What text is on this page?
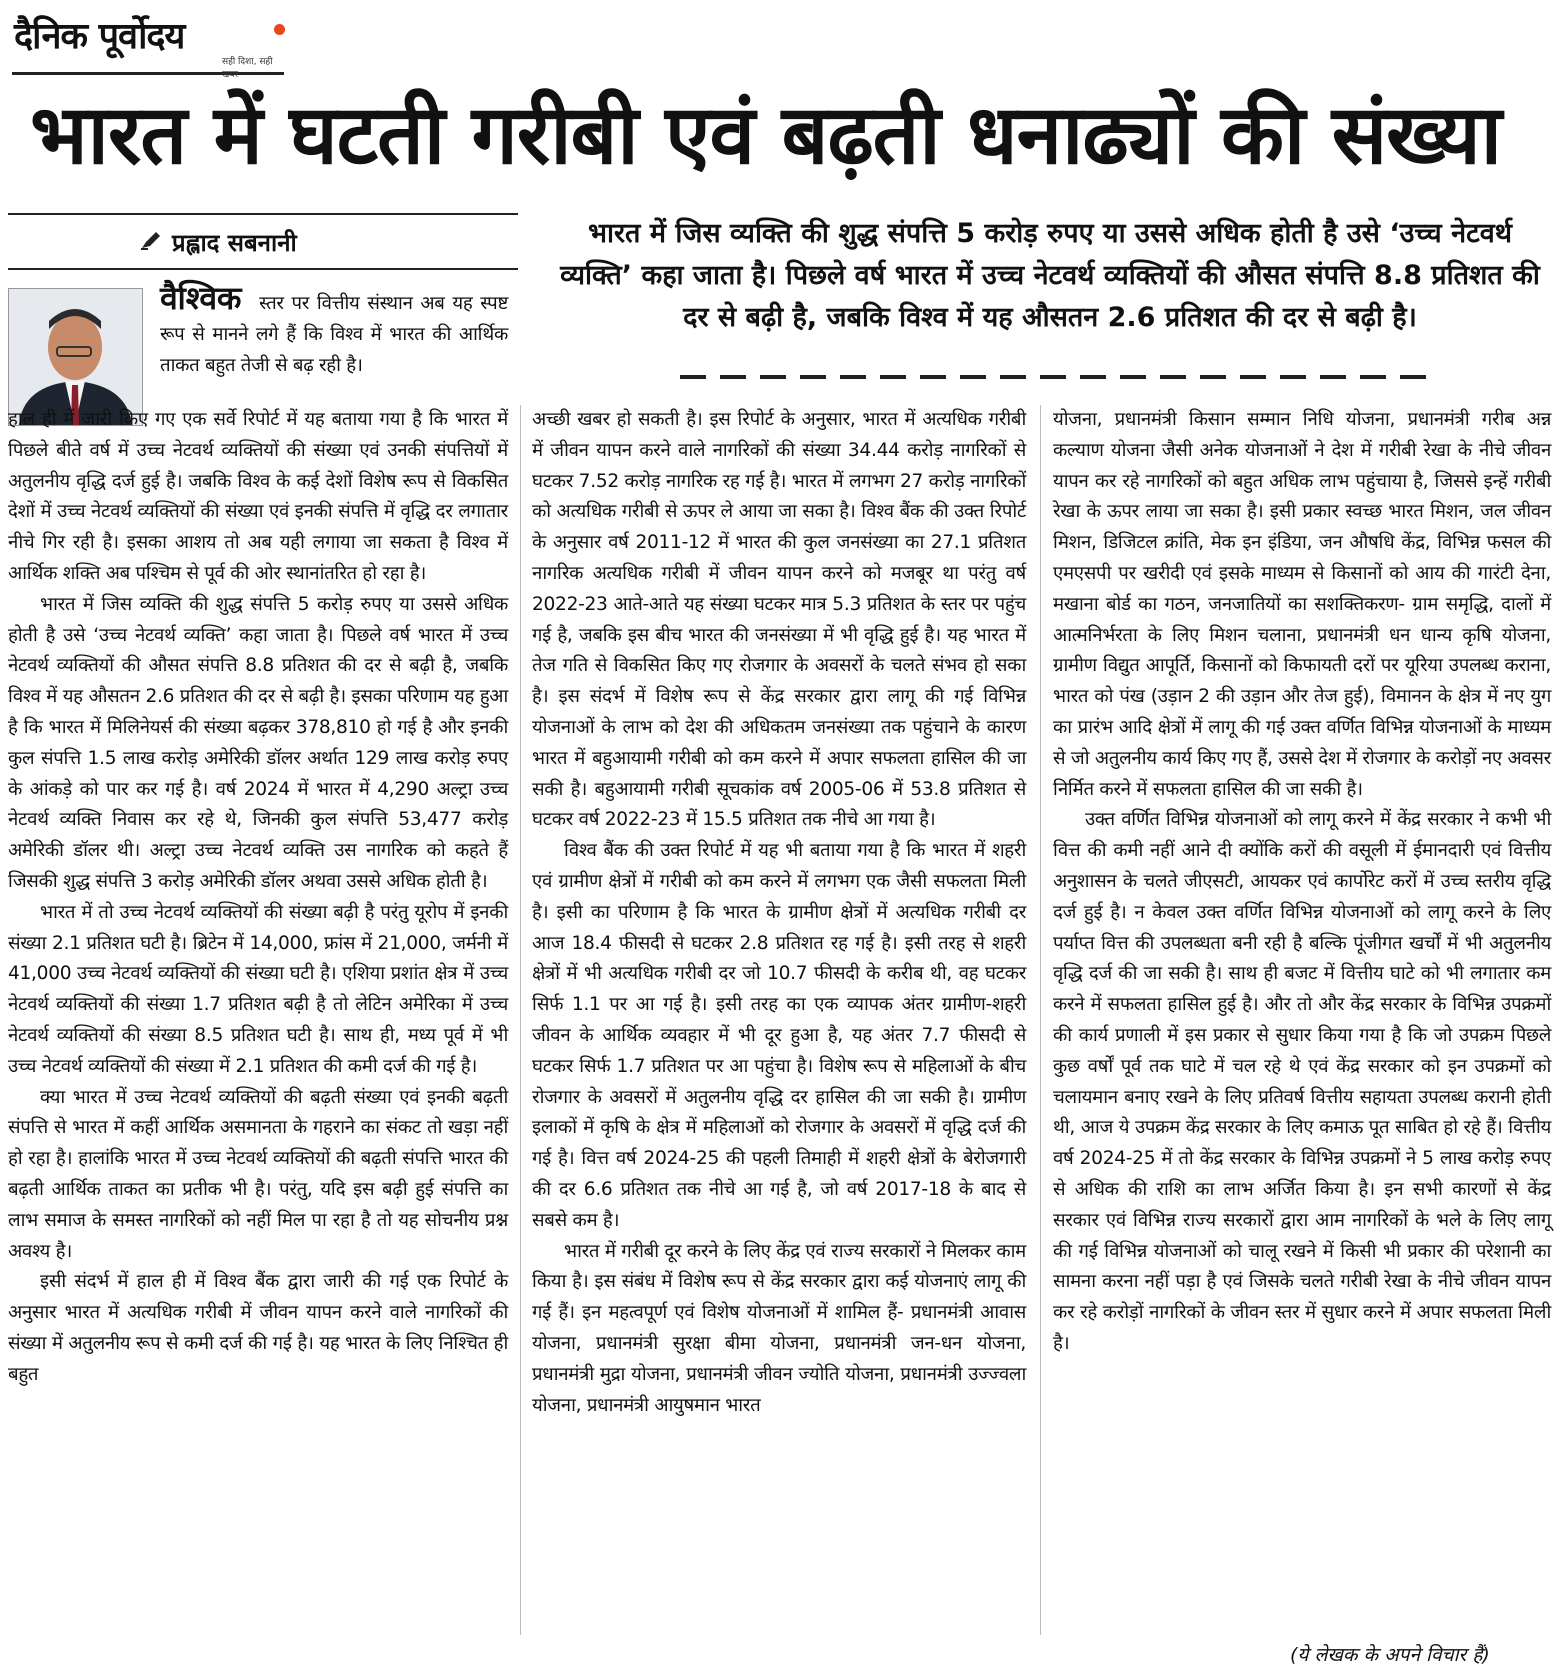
दैनिक पूर्वोदय
सही दिशा, सही खबर
भारत में घटती गरीबी एवं बढ़ती धनाढ्यों की संख्या
प्रह्लाद सबनानी	भारत में जिस व्यक्ति की शुद्ध संपत्ति 5 करोड़ रुपए या उससे अधिक होती है उसे ‘उच्च नेटवर्थ व्यक्ति’ कहा जाता है। पिछले वर्ष भारत में उच्च नेटवर्थ व्यक्तियों की औसत संपत्ति 8.8 प्रतिशत की दर से बढ़ी है, जबकि विश्व में यह औसतन 2.6 प्रतिशत की दर से बढ़ी है।

वैश्विक स्तर पर वित्तीय संस्थान अब यह स्पष्ट रूप से मानने लगे हैं कि विश्व में भारत की आर्थिक ताकत बहुत तेजी से बढ़ रही है।

हाल ही में जारी किए गए एक सर्वे रिपोर्ट में यह बताया गया है कि भारत में पिछले बीते वर्ष में उच्च नेटवर्थ व्यक्तियों की संख्या एवं उनकी संपत्तियों में अतुलनीय वृद्धि दर्ज हुई है। जबकि विश्व के कई देशों विशेष रूप से विकसित देशों में उच्च नेटवर्थ व्यक्तियों की संख्या एवं इनकी संपत्ति में वृद्धि दर लगातार नीचे गिर रही है। इसका आशय तो अब यही लगाया जा सकता है विश्व में आर्थिक शक्ति अब पश्चिम से पूर्व की ओर स्थानांतरित हो रहा है।

भारत में जिस व्यक्ति की शुद्ध संपत्ति 5 करोड़ रुपए या उससे अधिक होती है उसे ‘उच्च नेटवर्थ व्यक्ति’ कहा जाता है। पिछले वर्ष भारत में उच्च नेटवर्थ व्यक्तियों की औसत संपत्ति 8.8 प्रतिशत की दर से बढ़ी है, जबकि विश्व में यह औसतन 2.6 प्रतिशत की दर से बढ़ी है। इसका परिणाम यह हुआ है कि भारत में मिलिनेयर्स की संख्या बढ़कर 378,810 हो गई है और इनकी कुल संपत्ति 1.5 लाख करोड़ अमेरिकी डॉलर अर्थात 129 लाख करोड़ रुपए के आंकड़े को पार कर गई है। वर्ष 2024 में भारत में 4,290 अल्ट्रा उच्च नेटवर्थ व्यक्ति निवास कर रहे थे, जिनकी कुल संपत्ति 53,477 करोड़ अमेरिकी डॉलर थी। अल्ट्रा उच्च नेटवर्थ व्यक्ति उस नागरिक को कहते हैं जिसकी शुद्ध संपत्ति 3 करोड़ अमेरिकी डॉलर अथवा उससे अधिक होती है।

भारत में तो उच्च नेटवर्थ व्यक्तियों की संख्या बढ़ी है परंतु यूरोप में इनकी संख्या 2.1 प्रतिशत घटी है। ब्रिटेन में 14,000, फ्रांस में 21,000, जर्मनी में 41,000 उच्च नेटवर्थ व्यक्तियों की संख्या घटी है। एशिया प्रशांत क्षेत्र में उच्च नेटवर्थ व्यक्तियों की संख्या 1.7 प्रतिशत बढ़ी है तो लेटिन अमेरिका में उच्च नेटवर्थ व्यक्तियों की संख्या 8.5 प्रतिशत घटी है। साथ ही, मध्य पूर्व में भी उच्च नेटवर्थ व्यक्तियों की संख्या में 2.1 प्रतिशत की कमी दर्ज की गई है।

क्या भारत में उच्च नेटवर्थ व्यक्तियों की बढ़ती संख्या एवं इनकी बढ़ती संपत्ति से भारत में कहीं आर्थिक असमानता के गहराने का संकट तो खड़ा नहीं हो रहा है। हालांकि भारत में उच्च नेटवर्थ व्यक्तियों की बढ़ती संपत्ति भारत की बढ़ती आर्थिक ताकत का प्रतीक भी है। परंतु, यदि इस बढ़ी हुई संपत्ति का लाभ समाज के समस्त नागरिकों को नहीं मिल पा रहा है तो यह सोचनीय प्रश्न अवश्य है।

इसी संदर्भ में हाल ही में विश्व बैंक द्वारा जारी की गई एक रिपोर्ट के अनुसार भारत में अत्यधिक गरीबी में जीवन यापन करने वाले नागरिकों की संख्या में अतुलनीय रूप से कमी दर्ज की गई है। यह भारत के लिए निश्चित ही बहुत

अच्छी खबर हो सकती है। इस रिपोर्ट के अनुसार, भारत में अत्यधिक गरीबी में जीवन यापन करने वाले नागरिकों की संख्या 34.44 करोड़ नागरिकों से घटकर 7.52 करोड़ नागरिक रह गई है। भारत में लगभग 27 करोड़ नागरिकों को अत्यधिक गरीबी से ऊपर ले आया जा सका है। विश्व बैंक की उक्त रिपोर्ट के अनुसार वर्ष 2011-12 में भारत की कुल जनसंख्या का 27.1 प्रतिशत नागरिक अत्यधिक गरीबी में जीवन यापन करने को मजबूर था परंतु वर्ष 2022-23 आते-आते यह संख्या घटकर मात्र 5.3 प्रतिशत के स्तर पर पहुंच गई है, जबकि इस बीच भारत की जनसंख्या में भी वृद्धि हुई है। यह भारत में तेज गति से विकसित किए गए रोजगार के अवसरों के चलते संभव हो सका है। इस संदर्भ में विशेष रूप से केंद्र सरकार द्वारा लागू की गई विभिन्न योजनाओं के लाभ को देश की अधिकतम जनसंख्या तक पहुंचाने के कारण भारत में बहुआयामी गरीबी को कम करने में अपार सफलता हासिल की जा सकी है। बहुआयामी गरीबी सूचकांक वर्ष 2005-06 में 53.8 प्रतिशत से घटकर वर्ष 2022-23 में 15.5 प्रतिशत तक नीचे आ गया है।

विश्व बैंक की उक्त रिपोर्ट में यह भी बताया गया है कि भारत में शहरी एवं ग्रामीण क्षेत्रों में गरीबी को कम करने में लगभग एक जैसी सफलता मिली है। इसी का परिणाम है कि भारत के ग्रामीण क्षेत्रों में अत्यधिक गरीबी दर आज 18.4 फीसदी से घटकर 2.8 प्रतिशत रह गई है। इसी तरह से शहरी क्षेत्रों में भी अत्यधिक गरीबी दर जो 10.7 फीसदी के करीब थी, वह घटकर सिर्फ 1.1 पर आ गई है। इसी तरह का एक व्यापक अंतर ग्रामीण-शहरी जीवन के आर्थिक व्यवहार में भी दूर हुआ है, यह अंतर 7.7 फीसदी से घटकर सिर्फ 1.7 प्रतिशत पर आ पहुंचा है। विशेष रूप से महिलाओं के बीच रोजगार के अवसरों में अतुलनीय वृद्धि दर हासिल की जा सकी है। ग्रामीण इलाकों में कृषि के क्षेत्र में महिलाओं को रोजगार के अवसरों में वृद्धि दर्ज की गई है। वित्त वर्ष 2024-25 की पहली तिमाही में शहरी क्षेत्रों के बेरोजगारी की दर 6.6 प्रतिशत तक नीचे आ गई है, जो वर्ष 2017-18 के बाद से सबसे कम है।

भारत में गरीबी दूर करने के लिए केंद्र एवं राज्य सरकारों ने मिलकर काम किया है। इस संबंध में विशेष रूप से केंद्र सरकार द्वारा कई योजनाएं लागू की गई हैं। इन महत्वपूर्ण एवं विशेष योजनाओं में शामिल हैं- प्रधानमंत्री आवास योजना, प्रधानमंत्री सुरक्षा बीमा योजना, प्रधानमंत्री जन-धन योजना, प्रधानमंत्री मुद्रा योजना, प्रधानमंत्री जीवन ज्योति योजना, प्रधानमंत्री उज्ज्वला योजना, प्रधानमंत्री आयुषमान भारत

योजना, प्रधानमंत्री किसान सम्मान निधि योजना, प्रधानमंत्री गरीब अन्न कल्याण योजना जैसी अनेक योजनाओं ने देश में गरीबी रेखा के नीचे जीवन यापन कर रहे नागरिकों को बहुत अधिक लाभ पहुंचाया है, जिससे इन्हें गरीबी रेखा के ऊपर लाया जा सका है। इसी प्रकार स्वच्छ भारत मिशन, जल जीवन मिशन, डिजिटल क्रांति, मेक इन इंडिया, जन औषधि केंद्र, विभिन्न फसल की एमएसपी पर खरीदी एवं इसके माध्यम से किसानों को आय की गारंटी देना, मखाना बोर्ड का गठन, जनजातियों का सशक्तिकरण- ग्राम समृद्धि, दालों में आत्मनिर्भरता के लिए मिशन चलाना, प्रधानमंत्री धन धान्य कृषि योजना, ग्रामीण विद्युत आपूर्ति, किसानों को किफायती दरों पर यूरिया उपलब्ध कराना, भारत को पंख (उड़ान 2 की उड़ान और तेज हुई), विमानन के क्षेत्र में नए युग का प्रारंभ आदि क्षेत्रों में लागू की गई उक्त वर्णित विभिन्न योजनाओं के माध्यम से जो अतुलनीय कार्य किए गए हैं, उससे देश में रोजगार के करोड़ों नए अवसर निर्मित करने में सफलता हासिल की जा सकी है।

उक्त वर्णित विभिन्न योजनाओं को लागू करने में केंद्र सरकार ने कभी भी वित्त की कमी नहीं आने दी क्योंकि करों की वसूली में ईमानदारी एवं वित्तीय अनुशासन के चलते जीएसटी, आयकर एवं कार्पोरेट करों में उच्च स्तरीय वृद्धि दर्ज हुई है। न केवल उक्त वर्णित विभिन्न योजनाओं को लागू करने के लिए पर्याप्त वित्त की उपलब्धता बनी रही है बल्कि पूंजीगत खर्चों में भी अतुलनीय वृद्धि दर्ज की जा सकी है। साथ ही बजट में वित्तीय घाटे को भी लगातार कम करने में सफलता हासिल हुई है। और तो और केंद्र सरकार के विभिन्न उपक्रमों की कार्य प्रणाली में इस प्रकार से सुधार किया गया है कि जो उपक्रम पिछले कुछ वर्षों पूर्व तक घाटे में चल रहे थे एवं केंद्र सरकार को इन उपक्रमों को चलायमान बनाए रखने के लिए प्रतिवर्ष वित्तीय सहायता उपलब्ध करानी होती थी, आज ये उपक्रम केंद्र सरकार के लिए कमाऊ पूत साबित हो रहे हैं। वित्तीय वर्ष 2024-25 में तो केंद्र सरकार के विभिन्न उपक्रमों ने 5 लाख करोड़ रुपए से अधिक की राशि का लाभ अर्जित किया है। इन सभी कारणों से केंद्र सरकार एवं विभिन्न राज्य सरकारों द्वारा आम नागरिकों के भले के लिए लागू की गई विभिन्न योजनाओं को चालू रखने में किसी भी प्रकार की परेशानी का सामना करना नहीं पड़ा है एवं जिसके चलते गरीबी रेखा के नीचे जीवन यापन कर रहे करोड़ों नागरिकों के जीवन स्तर में सुधार करने में अपार सफलता मिली है।

(ये लेखक के अपने विचार हैं)
